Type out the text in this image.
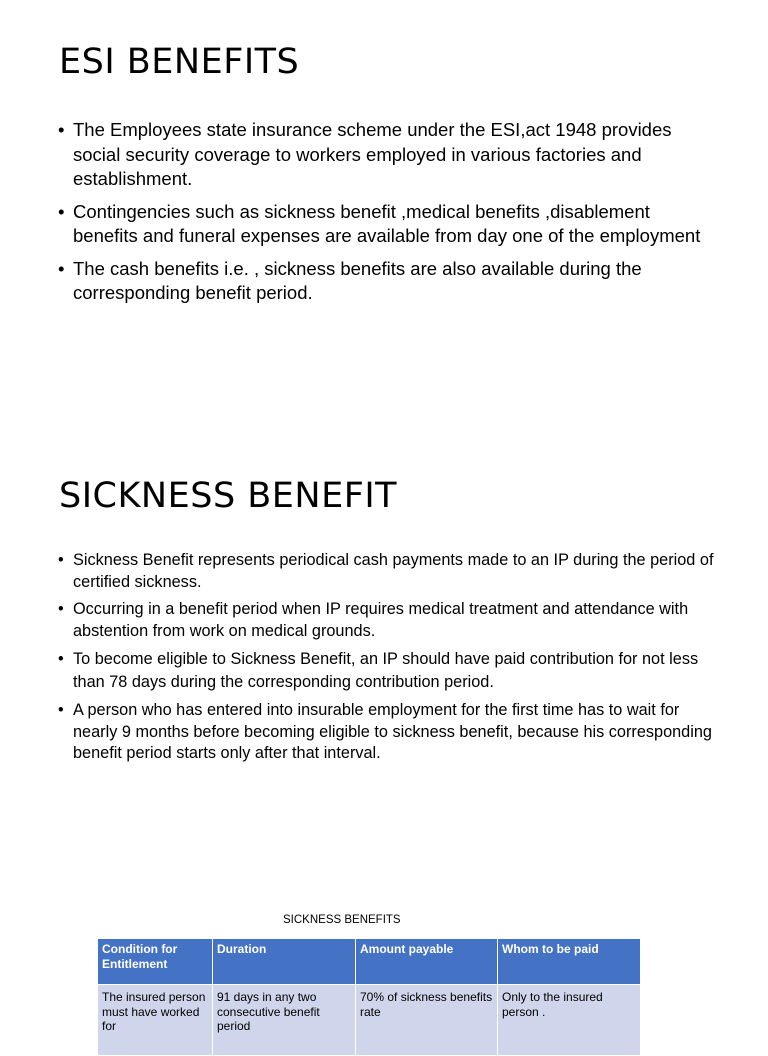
ESI BENEFITS
• The Employees state insurance scheme under the ESI,act 1948 provides social security coverage to workers employed in various factories and establishment.
• Contingencies such as sickness benefit ,medical benefits ,disablement benefits and funeral expenses are available from day one of the employment
• The cash benefits i.e. , sickness benefits are also available during the corresponding benefit period.
SICKNESS BENEFIT
• Sickness Benefit represents periodical cash payments made to an IP during the period of certified sickness.
• Occurring in a benefit period when IP requires medical treatment and attendance with abstention from work on medical grounds.
• To become eligible to Sickness Benefit, an IP should have paid contribution for not less than 78 days during the corresponding contribution period.
• A person who has entered into insurable employment for the first time has to wait for nearly 9 months before becoming eligible to sickness benefit, because his corresponding benefit period starts only after that interval.
SICKNESS BENEFITS
Condition for Entitlement	Duration	Amount payable	Whom to be paid
The insured person must have worked for	91 days in any two consecutive benefit period	70% of sickness benefits rate	Only to the insured person .
